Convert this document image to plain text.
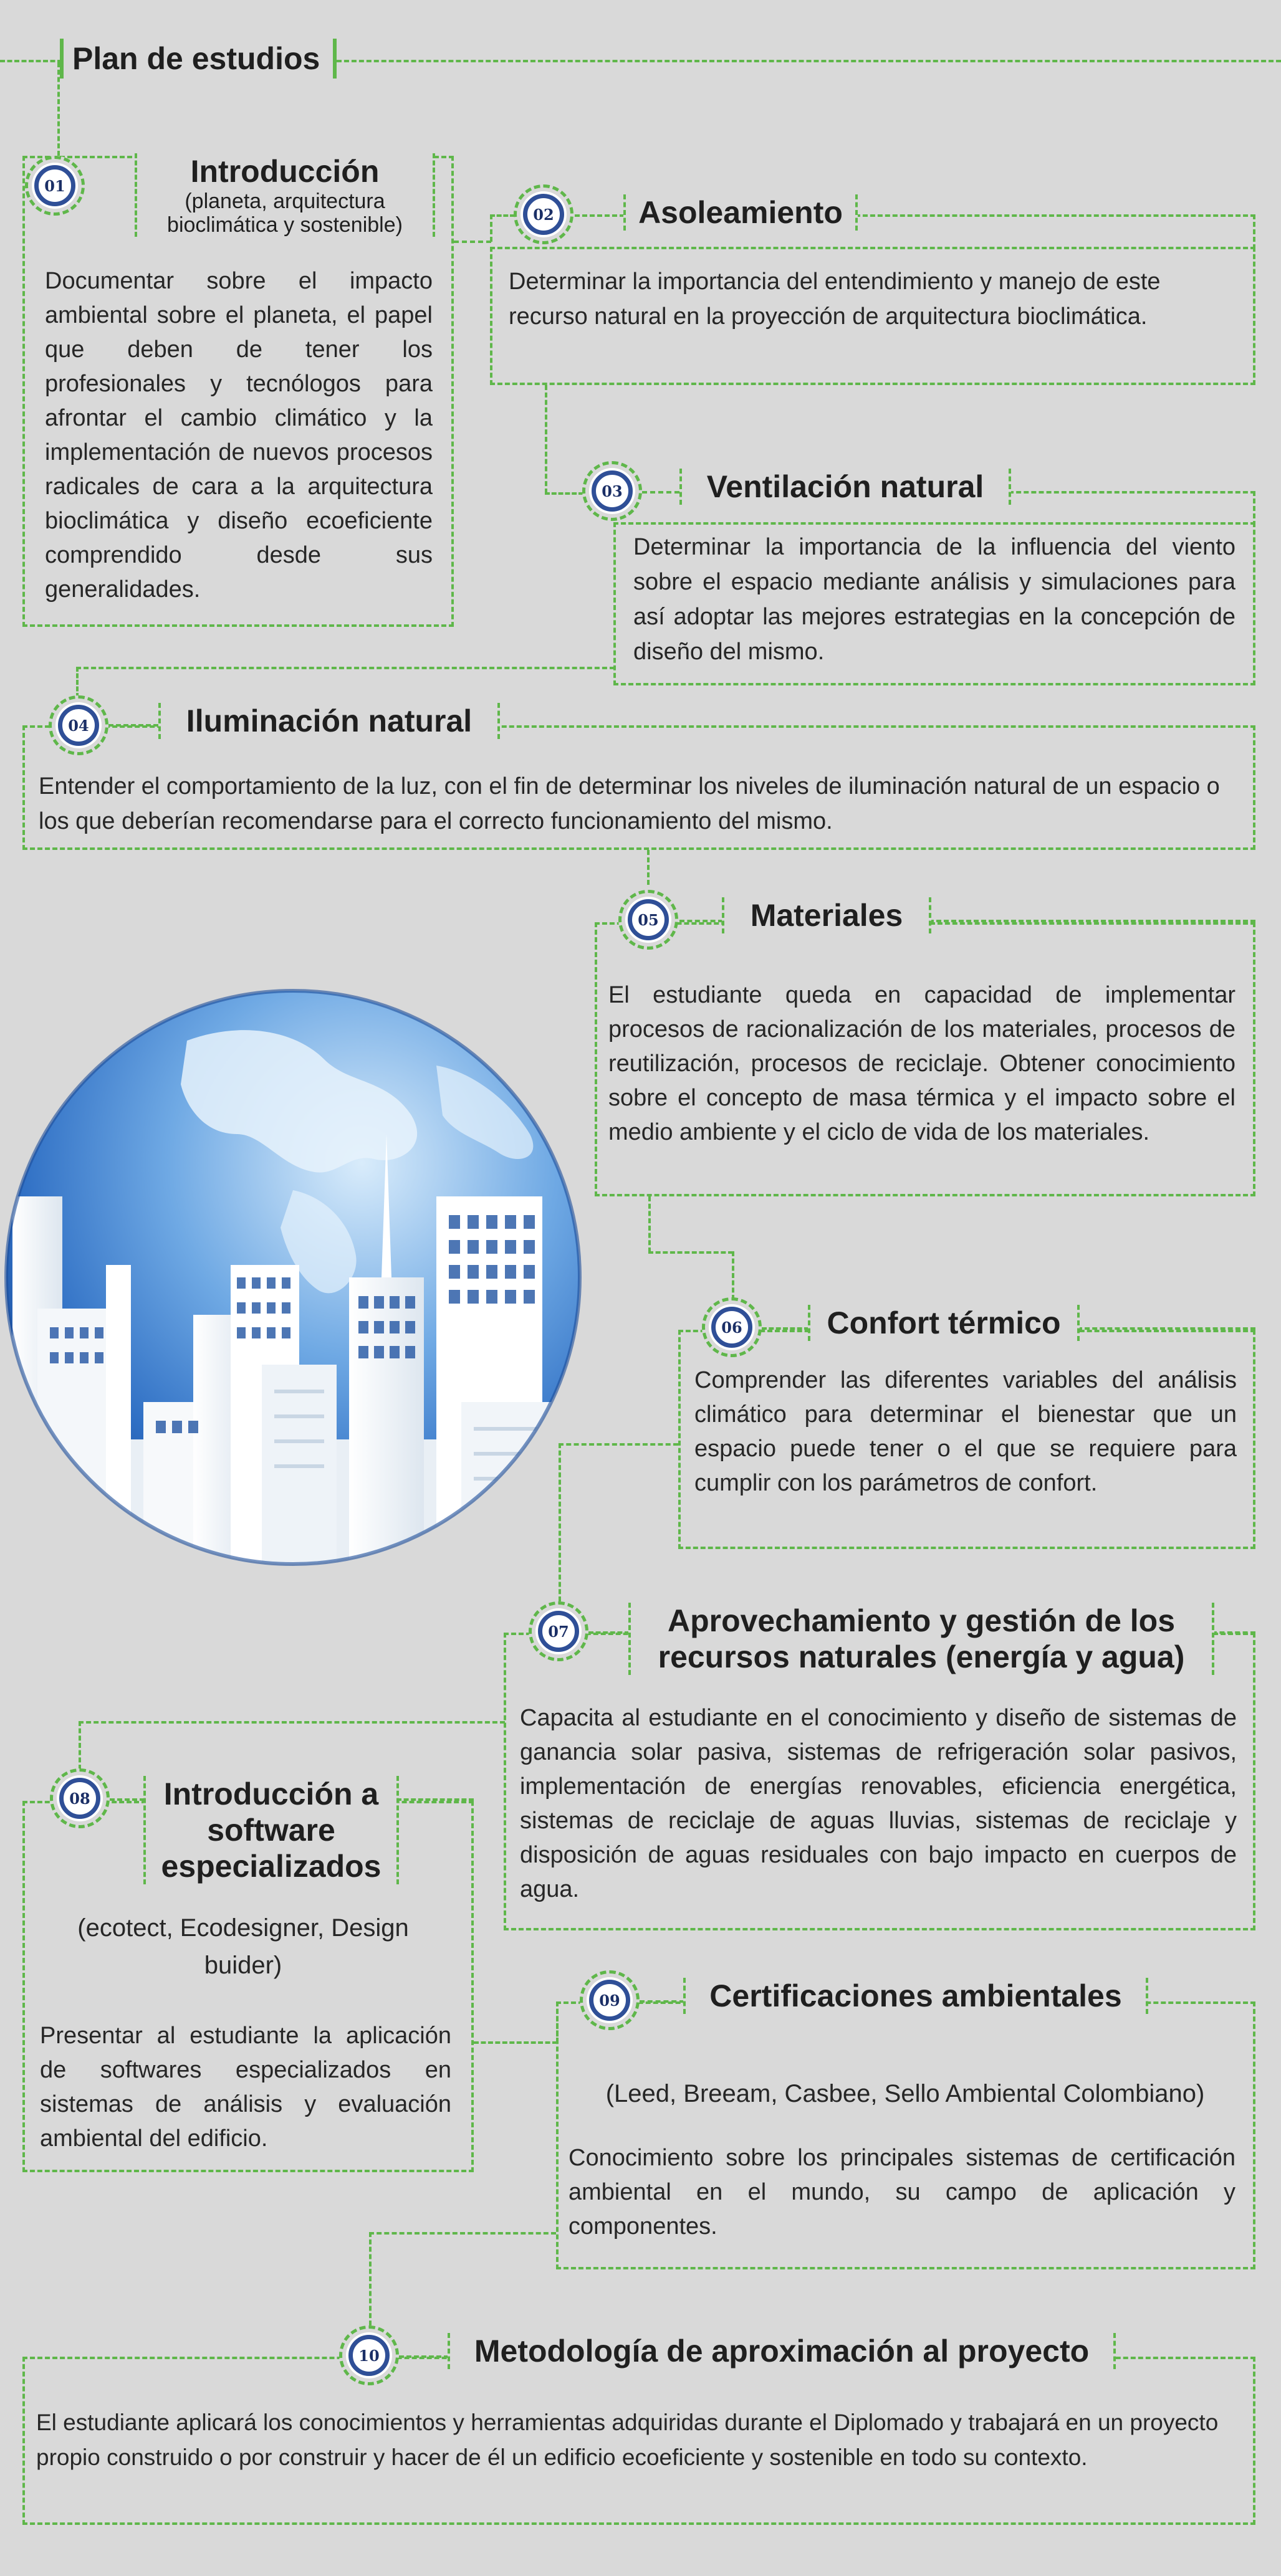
Plan de estudios
01	Introducción
(planeta, arquitectura bioclimática y sostenible)
Documentar sobre el impacto ambiental sobre el planeta, el papel que deben de tener los profesionales y tecnólogos para afrontar el cambio climático y la implementación de nuevos procesos radicales de cara a la arquitectura bioclimática y diseño ecoeficiente comprendido desde sus generalidades.
02	Asoleamiento
Determinar la importancia del entendimiento y manejo de este recurso natural en la proyección de arquitectura bioclimática.
03	Ventilación natural
Determinar la importancia de la influencia del viento sobre el espacio mediante análisis y simulaciones para así adoptar las mejores estrategias en la concepción de diseño del mismo.
04	Iluminación natural
Entender el comportamiento de la luz, con el fin de determinar los niveles de iluminación natural de un espacio o los que deberían recomendarse para el correcto funcionamiento del mismo.
05	Materiales
El estudiante queda en capacidad de implementar procesos de racionalización de los materiales, procesos de reutilización, procesos de reciclaje. Obtener conocimiento sobre el concepto de masa térmica y el impacto sobre el medio ambiente y el ciclo de vida de los materiales.
06	Confort térmico
Comprender las diferentes variables del análisis climático para determinar el bienestar que un espacio puede tener o el que se requiere para cumplir con los parámetros de confort.
07	Aprovechamiento y gestión de los recursos naturales (energía y agua)
Capacita al estudiante en el conocimiento y diseño de sistemas de ganancia solar pasiva, sistemas de refrigeración solar pasivos, implementación de energías renovables, eficiencia energética, sistemas de reciclaje de aguas lluvias, sistemas de reciclaje y disposición de aguas residuales con bajo impacto en cuerpos de agua.
08 Introducción a software especializados
(ecotect, Ecodesigner, Design buider)
Presentar al estudiante la aplicación de softwares especializados en sistemas de análisis y evaluación ambiental del edificio.
09	Certificaciones ambientales
(Leed, Breeam, Casbee, Sello Ambiental Colombiano)
Conocimiento sobre los principales sistemas de certificación ambiental en el mundo, su campo de aplicación y componentes.
10	Metodología de aproximación al proyecto
El estudiante aplicará los conocimientos y herramientas adquiridas durante el Diplomado y trabajará en un proyecto propio construido o por construir y hacer de él un edificio ecoeficiente y sostenible en todo su contexto.
